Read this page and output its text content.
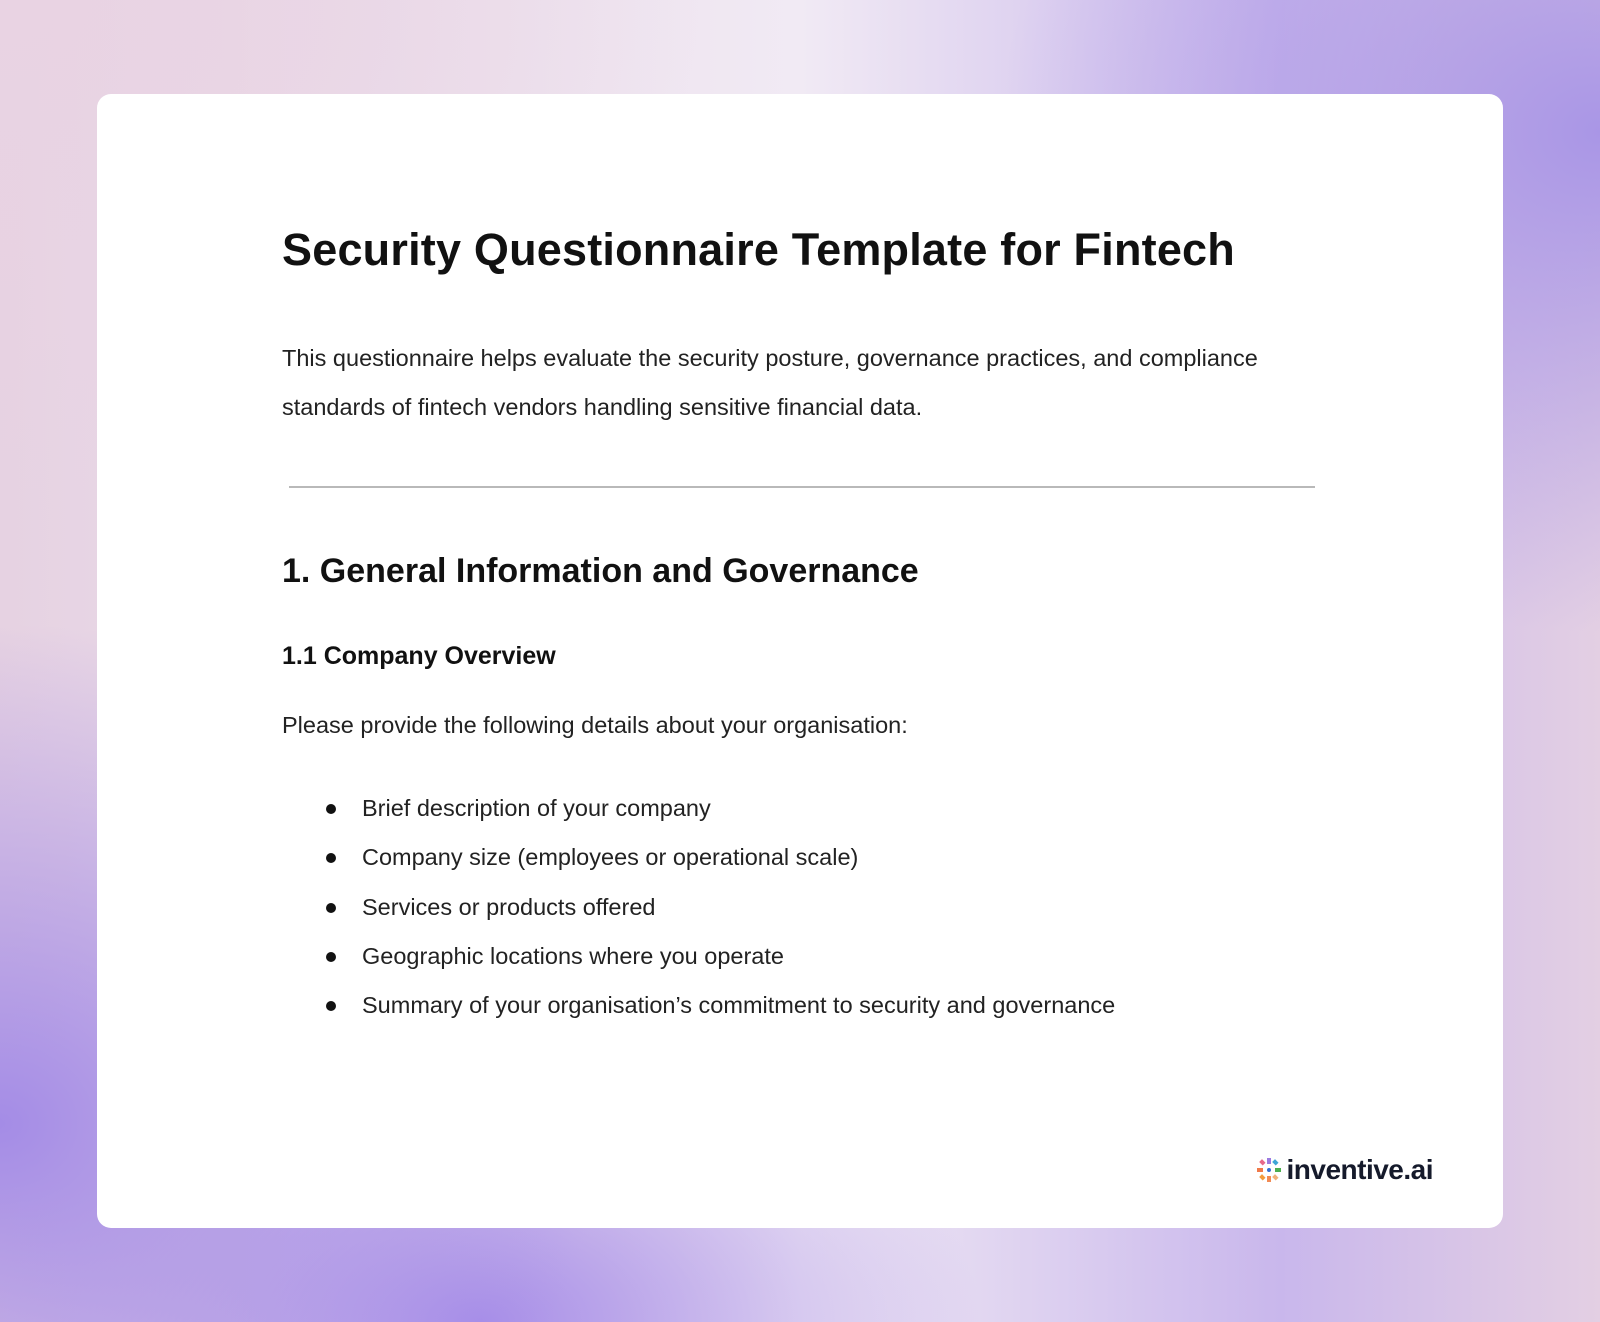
Security Questionnaire Template for Fintech

This questionnaire helps evaluate the security posture, governance practices, and compliance standards of fintech vendors handling sensitive financial data.

1. General Information and Governance
1.1 Company Overview

Please provide the following details about your organisation:

Brief description of your company
Company size (employees or operational scale)
Services or products offered
Geographic locations where you operate
Summary of your organisation’s commitment to security and governance
inventive.ai
